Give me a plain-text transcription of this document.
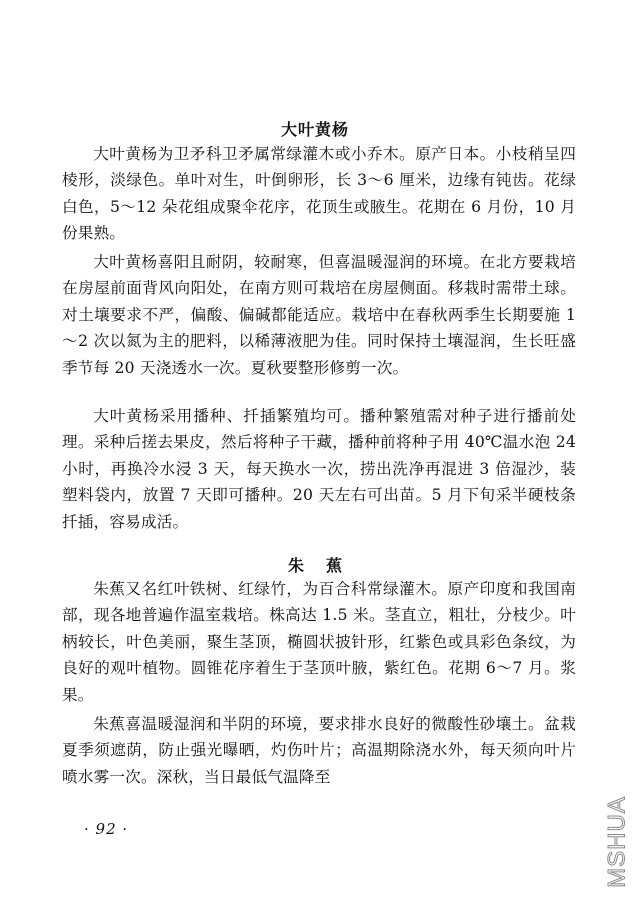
大叶黄杨

大叶黄杨为卫矛科卫矛属常绿灌木或小乔木。原产日本。小枝稍呈四棱形，淡绿色。单叶对生，叶倒卵形，长 3～6 厘米，边缘有钝齿。花绿白色，5～12 朵花组成聚伞花序，花顶生或腋生。花期在 6 月份，10 月份果熟。

大叶黄杨喜阳且耐阴，较耐寒，但喜温暖湿润的环境。在北方要栽培在房屋前面背风向阳处，在南方则可栽培在房屋侧面。移栽时需带土球。对土壤要求不严，偏酸、偏碱都能适应。栽培中在春秋两季生长期要施 1～2 次以氮为主的肥料，以稀薄液肥为佳。同时保持土壤湿润，生长旺盛季节每 20 天浇透水一次。夏秋要整形修剪一次。

大叶黄杨采用播种、扦插繁殖均可。播种繁殖需对种子进行播前处理。采种后搓去果皮，然后将种子干藏，播种前将种子用 40℃温水泡 24 小时，再换冷水浸 3 天，每天换水一次，捞出洗净再混进 3 倍湿沙，装塑料袋内，放置 7 天即可播种。20 天左右可出苗。5 月下旬采半硬枝条扦插，容易成活。

朱蕉

朱蕉又名红叶铁树、红绿竹，为百合科常绿灌木。原产印度和我国南部，现各地普遍作温室栽培。株高达 1.5 米。茎直立，粗壮，分枝少。叶柄较长，叶色美丽，聚生茎顶，椭圆状披针形，红紫色或具彩色条纹，为良好的观叶植物。圆锥花序着生于茎顶叶腋，紫红色。花期 6～7 月。浆果。

朱蕉喜温暖湿润和半阴的环境，要求排水良好的微酸性砂壤土。盆栽夏季须遮荫，防止强光曝晒，灼伤叶片；高温期除浇水外，每天须向叶片喷水雾一次。深秋，当日最低气温降至

· 92 ·	MSHUA
